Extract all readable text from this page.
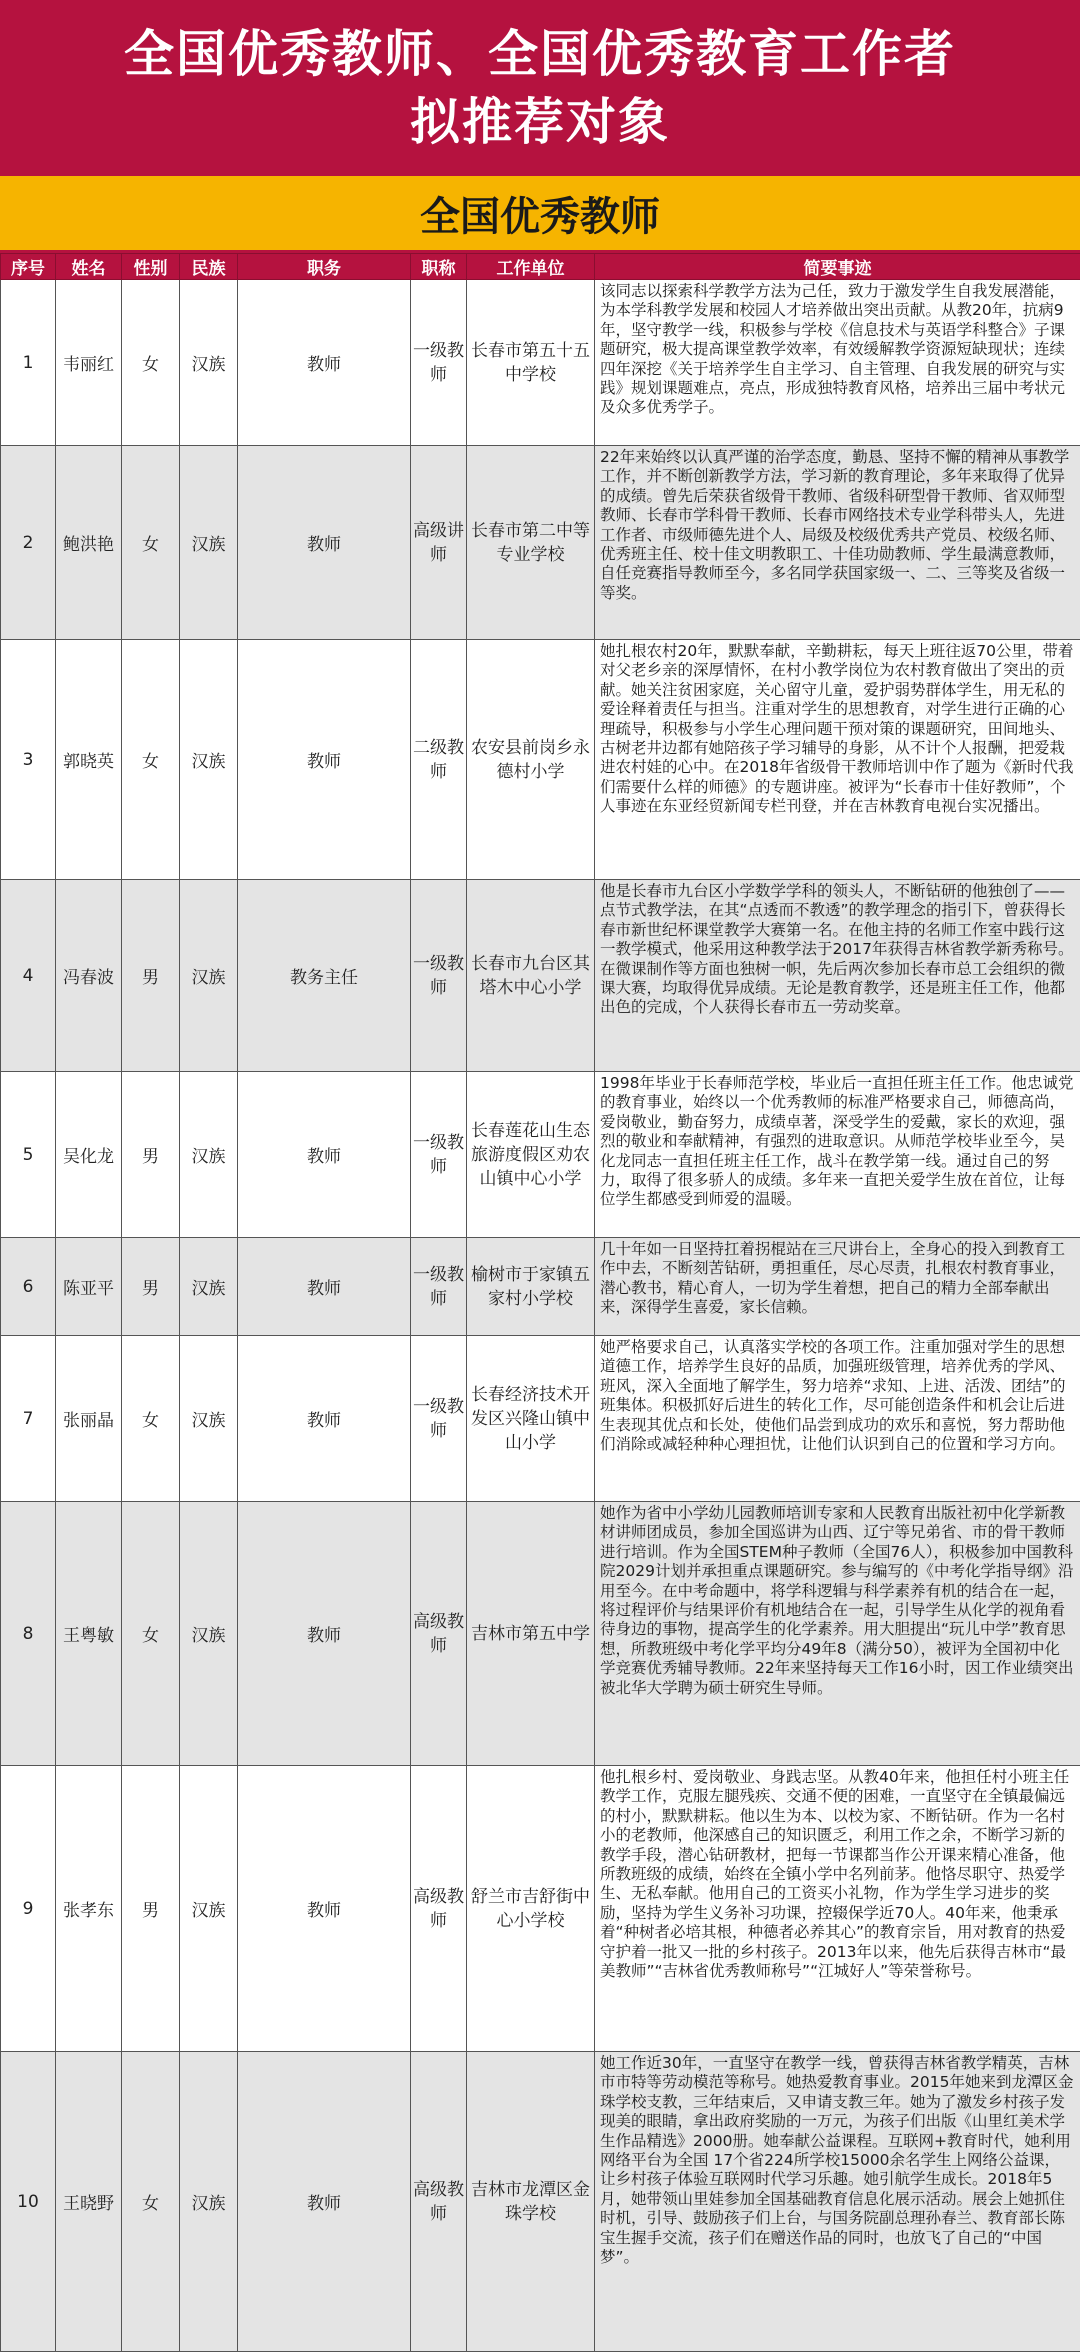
全国优秀教师、全国优秀教育工作者
拟推荐对象
全国优秀教师
序号	姓名	性别	民族	职务	职称	工作单位	简要事迹
1	韦丽红	女	汉族	教师	一级教师	长春市第五十五中学校	该同志以探索科学教学方法为己任，致力于激发学生自我发展潜能，为本学科教学发展和校园人才培养做出突出贡献。从教20年，抗病9年，坚守教学一线，积极参与学校《信息技术与英语学科整合》子课题研究，极大提高课堂教学效率，有效缓解教学资源短缺现状；连续四年深挖《关于培养学生自主学习、自主管理、自我发展的研究与实践》规划课题难点，亮点，形成独特教育风格，培养出三届中考状元及众多优秀学子。
2	鲍洪艳	女	汉族	教师	高级讲师	长春市第二中等专业学校	22年来始终以认真严谨的治学态度，勤恳、坚持不懈的精神从事教学工作，并不断创新教学方法，学习新的教育理论，多年来取得了优异的成绩。曾先后荣获省级骨干教师、省级科研型骨干教师、省双师型教师、长春市学科骨干教师、长春市网络技术专业学科带头人，先进工作者、市级师德先进个人、局级及校级优秀共产党员、校级名师、优秀班主任、校十佳文明教职工、十佳功勋教师、学生最满意教师，自任竞赛指导教师至今，多名同学获国家级一、二、三等奖及省级一等奖。
3	郭晓英	女	汉族	教师	二级教师	农安县前岗乡永德村小学	她扎根农村20年，默默奉献，辛勤耕耘，每天上班往返70公里，带着对父老乡亲的深厚情怀，在村小教学岗位为农村教育做出了突出的贡献。她关注贫困家庭，关心留守儿童，爱护弱势群体学生，用无私的爱诠释着责任与担当。注重对学生的思想教育，对学生进行正确的心理疏导，积极参与小学生心理问题干预对策的课题研究，田间地头、古树老井边都有她陪孩子学习辅导的身影，从不计个人报酬，把爱栽进农村娃的心中。在2018年省级骨干教师培训中作了题为《新时代我们需要什么样的师德》的专题讲座。被评为“长春市十佳好教师”，个人事迹在东亚经贸新闻专栏刊登，并在吉林教育电视台实况播出。
4	冯春波	男	汉族	教务主任	一级教师	长春市九台区其塔木中心小学	他是长春市九台区小学数学学科的领头人，不断钻研的他独创了——点节式教学法，在其“点透而不教透”的教学理念的指引下，曾获得长春市新世纪杯课堂教学大赛第一名。在他主持的名师工作室中践行这一教学模式，他采用这种教学法于2017年获得吉林省教学新秀称号。在微课制作等方面也独树一帜，先后两次参加长春市总工会组织的微课大赛，均取得优异成绩。无论是教育教学，还是班主任工作，他都出色的完成，个人获得长春市五一劳动奖章。
5	吴化龙	男	汉族	教师	一级教师	长春莲花山生态旅游度假区劝农山镇中心小学	1998年毕业于长春师范学校，毕业后一直担任班主任工作。他忠诚党的教育事业，始终以一个优秀教师的标准严格要求自己，师德高尚，爱岗敬业，勤奋努力，成绩卓著，深受学生的爱戴，家长的欢迎，强烈的敬业和奉献精神，有强烈的进取意识。从师范学校毕业至今，吴化龙同志一直担任班主任工作，战斗在教学第一线。通过自己的努力，取得了很多骄人的成绩。多年来一直把关爱学生放在首位，让每位学生都感受到师爱的温暖。
6	陈亚平	男	汉族	教师	一级教师	榆树市于家镇五家村小学校	几十年如一日坚持扛着拐棍站在三尺讲台上，全身心的投入到教育工作中去，不断刻苦钻研，勇担重任，尽心尽责，扎根农村教育事业，潜心教书，精心育人，一切为学生着想，把自己的精力全部奉献出来，深得学生喜爱，家长信赖。
7	张丽晶	女	汉族	教师	一级教师	长春经济技术开发区兴隆山镇中山小学	她严格要求自己，认真落实学校的各项工作。注重加强对学生的思想道德工作，培养学生良好的品质，加强班级管理，培养优秀的学风、班风，深入全面地了解学生，努力培养“求知、上进、活泼、团结”的班集体。积极抓好后进生的转化工作，尽可能创造条件和机会让后进生表现其优点和长处，使他们品尝到成功的欢乐和喜悦，努力帮助他们消除或减轻种种心理担忧，让他们认识到自己的位置和学习方向。
8	王粤敏	女	汉族	教师	高级教师	吉林市第五中学	她作为省中小学幼儿园教师培训专家和人民教育出版社初中化学新教材讲师团成员，参加全国巡讲为山西、辽宁等兄弟省、市的骨干教师进行培训。作为全国STEM种子教师（全国76人），积极参加中国教科院2029计划并承担重点课题研究。参与编写的《中考化学指导纲》沿用至今。在中考命题中，将学科逻辑与科学素养有机的结合在一起，将过程评价与结果评价有机地结合在一起，引导学生从化学的视角看待身边的事物，提高学生的化学素养。用大胆提出“玩儿中学”教育思想，所教班级中考化学平均分49年8（满分50），被评为全国初中化学竞赛优秀辅导教师。22年来坚持每天工作16小时，因工作业绩突出被北华大学聘为硕士研究生导师。
9	张孝东	男	汉族	教师	高级教师	舒兰市吉舒街中心小学校	他扎根乡村、爱岗敬业、身践志坚。从教40年来，他担任村小班主任教学工作，克服左腿残疾、交通不便的困难，一直坚守在全镇最偏远的村小，默默耕耘。他以生为本、以校为家、不断钻研。作为一名村小的老教师，他深感自己的知识匮乏，利用工作之余，不断学习新的教学手段，潜心钻研教材，把每一节课都当作公开课来精心准备，他所教班级的成绩，始终在全镇小学中名列前茅。他恪尽职守、热爱学生、无私奉献。他用自己的工资买小礼物，作为学生学习进步的奖励，坚持为学生义务补习功课，控辍保学近70人。40年来，他秉承着“种树者必培其根，种德者必养其心”的教育宗旨，用对教育的热爱守护着一批又一批的乡村孩子。2013年以来，他先后获得吉林市“最美教师”“吉林省优秀教师称号”“江城好人”等荣誉称号。
10	王晓野	女	汉族	教师	高级教师	吉林市龙潭区金珠学校	她工作近30年，一直坚守在教学一线，曾获得吉林省教学精英，吉林市市特等劳动模范等称号。她热爱教育事业。2015年她来到龙潭区金珠学校支教，三年结束后，又申请支教三年。她为了激发乡村孩子发现美的眼睛，拿出政府奖励的一万元，为孩子们出版《山里红美术学生作品精选》2000册。她奉献公益课程。互联网+教育时代，她利用网络平台为全国 17个省224所学校15000余名学生上网络公益课，让乡村孩子体验互联网时代学习乐趣。她引航学生成长。2018年5月，她带领山里娃参加全国基础教育信息化展示活动。展会上她抓住时机，引导、鼓励孩子们上台，与国务院副总理孙春兰、教育部长陈宝生握手交流，孩子们在赠送作品的同时，也放飞了自己的“中国梦”。
